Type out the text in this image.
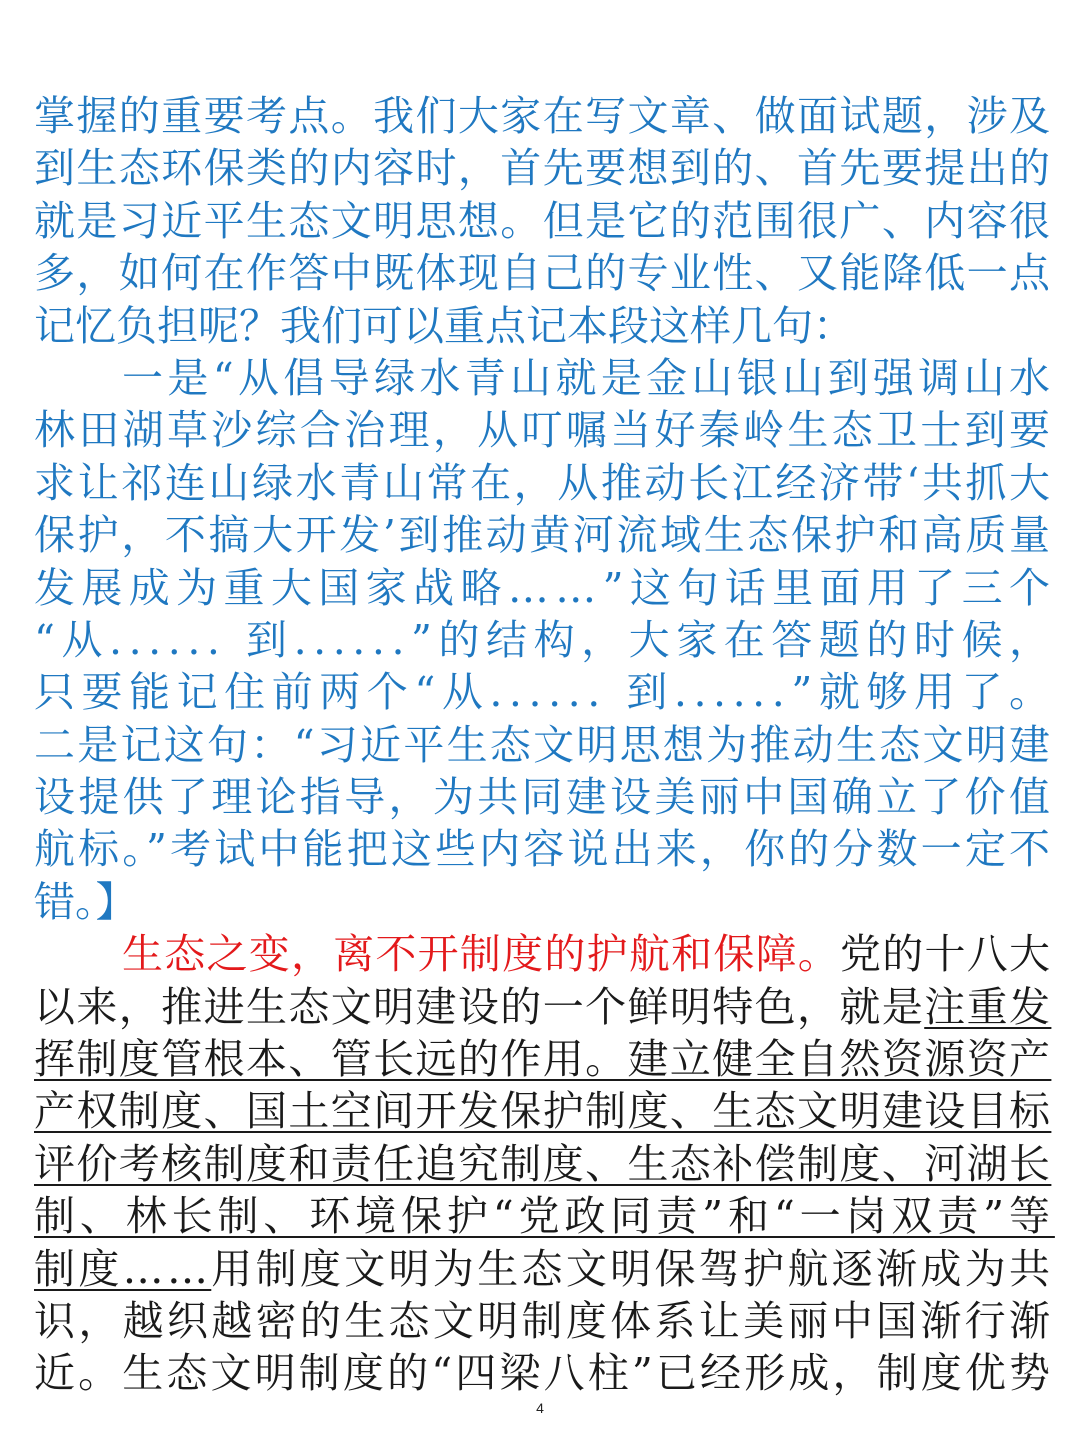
掌握的重要考点。我们大家在写文章、做面试题，涉及
到生态环保类的内容时，首先要想到的、首先要提出的
就是习近平生态文明思想。但是它的范围很广、内容很
多，如何在作答中既体现自己的专业性、又能降低一点
记忆负担呢？我们可以重点记本段这样几句：
一是“从倡导绿水青山就是金山银山到强调山水
林田湖草沙综合治理，从叮嘱当好秦岭生态卫士到要
求让祁连山绿水青山常在，从推动长江经济带‘共抓大
保护，不搞大开发’到推动黄河流域生态保护和高质量
发展成为重大国家战略……”这句话里面用了三个
“从...... 到......”的结构，大家在答题的时候，
只要能记住前两个“从...... 到......”就够用了。
二是记这句：“习近平生态文明思想为推动生态文明建
设提供了理论指导，为共同建设美丽中国确立了价值
航标。”考试中能把这些内容说出来，你的分数一定不
错。】
生态之变，离不开制度的护航和保障。党的十八大
以来，推进生态文明建设的一个鲜明特色，就是注重发
挥制度管根本、管长远的作用。建立健全自然资源资产
产权制度、国土空间开发保护制度、生态文明建设目标
评价考核制度和责任追究制度、生态补偿制度、河湖长
制、林长制、环境保护“党政同责”和“一岗双责”等
制度……用制度文明为生态文明保驾护航逐渐成为共
识，越织越密的生态文明制度体系让美丽中国渐行渐
近。生态文明制度的“四梁八柱”已经形成，制度优势
4
